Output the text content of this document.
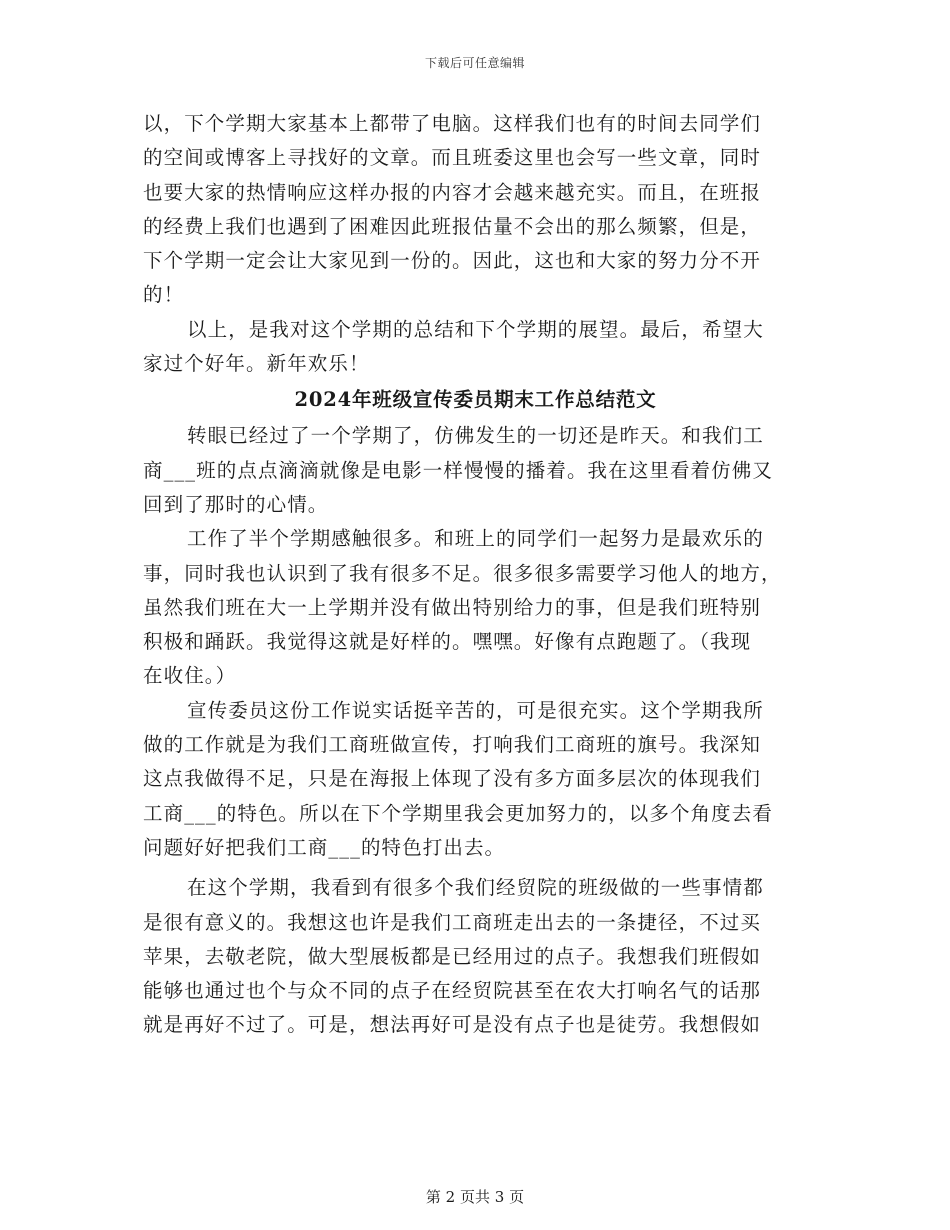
下载后可任意编辑
以，下个学期大家基本上都带了电脑。这样我们也有的时间去同学们
的空间或博客上寻找好的文章。而且班委这里也会写一些文章，同时
也要大家的热情响应这样办报的内容才会越来越充实。而且，在班报
的经费上我们也遇到了困难因此班报估量不会出的那么频繁，但是，
下个学期一定会让大家见到一份的。因此，这也和大家的努力分不开
的！
以上，是我对这个学期的总结和下个学期的展望。最后，希望大
家过个好年。新年欢乐！
2024年班级宣传委员期末工作总结范文
转眼已经过了一个学期了，仿佛发生的一切还是昨天。和我们工
商___班的点点滴滴就像是电影一样慢慢的播着。我在这里看着仿佛又
回到了那时的心情。
工作了半个学期感触很多。和班上的同学们一起努力是最欢乐的
事，同时我也认识到了我有很多不足。很多很多需要学习他人的地方，
虽然我们班在大一上学期并没有做出特别给力的事，但是我们班特别
积极和踊跃。我觉得这就是好样的。嘿嘿。好像有点跑题了。（我现
在收住。）
宣传委员这份工作说实话挺辛苦的，可是很充实。这个学期我所
做的工作就是为我们工商班做宣传，打响我们工商班的旗号。我深知
这点我做得不足，只是在海报上体现了没有多方面多层次的体现我们
工商___的特色。所以在下个学期里我会更加努力的，以多个角度去看
问题好好把我们工商___的特色打出去。
在这个学期，我看到有很多个我们经贸院的班级做的一些事情都
是很有意义的。我想这也许是我们工商班走出去的一条捷径，不过买
苹果，去敬老院，做大型展板都是已经用过的点子。我想我们班假如
能够也通过也个与众不同的点子在经贸院甚至在农大打响名气的话那
就是再好不过了。可是，想法再好可是没有点子也是徒劳。我想假如
第 2 页共 3 页
